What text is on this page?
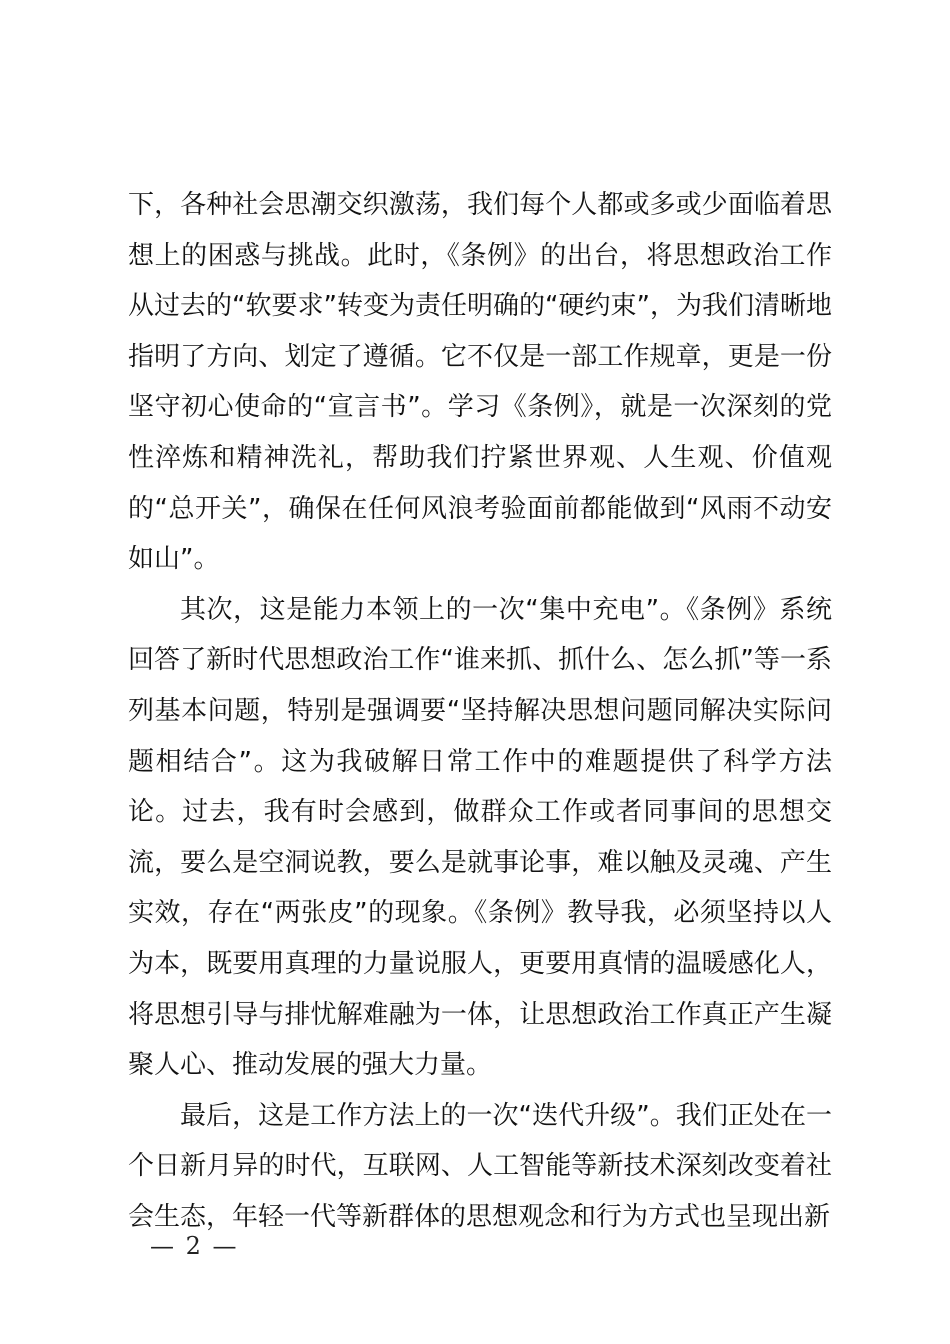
下，各种社会思潮交织激荡，我们每个人都或多或少面临着思想上的困惑与挑战。此时，《条例》的出台，将思想政治工作从过去的“软要求”转变为责任明确的“硬约束”，为我们清晰地指明了方向、划定了遵循。它不仅是一部工作规章，更是一份坚守初心使命的“宣言书”。学习《条例》，就是一次深刻的党性淬炼和精神洗礼，帮助我们拧紧世界观、人生观、价值观的“总开关”，确保在任何风浪考验面前都能做到“风雨不动安如山”。

其次，这是能力本领上的一次“集中充电”。《条例》系统回答了新时代思想政治工作“谁来抓、抓什么、怎么抓”等一系列基本问题，特别是强调要“坚持解决思想问题同解决实际问题相结合”。这为我破解日常工作中的难题提供了科学方法论。过去，我有时会感到，做群众工作或者同事间的思想交流，要么是空洞说教，要么是就事论事，难以触及灵魂、产生实效，存在“两张皮”的现象。《条例》教导我，必须坚持以人为本，既要用真理的力量说服人，更要用真情的温暖感化人，将思想引导与排忧解难融为一体，让思想政治工作真正产生凝聚人心、推动发展的强大力量。

最后，这是工作方法上的一次“迭代升级”。我们正处在一个日新月异的时代，互联网、人工智能等新技术深刻改变着社会生态，年轻一代等新群体的思想观念和行为方式也呈现出新

— 2 —
